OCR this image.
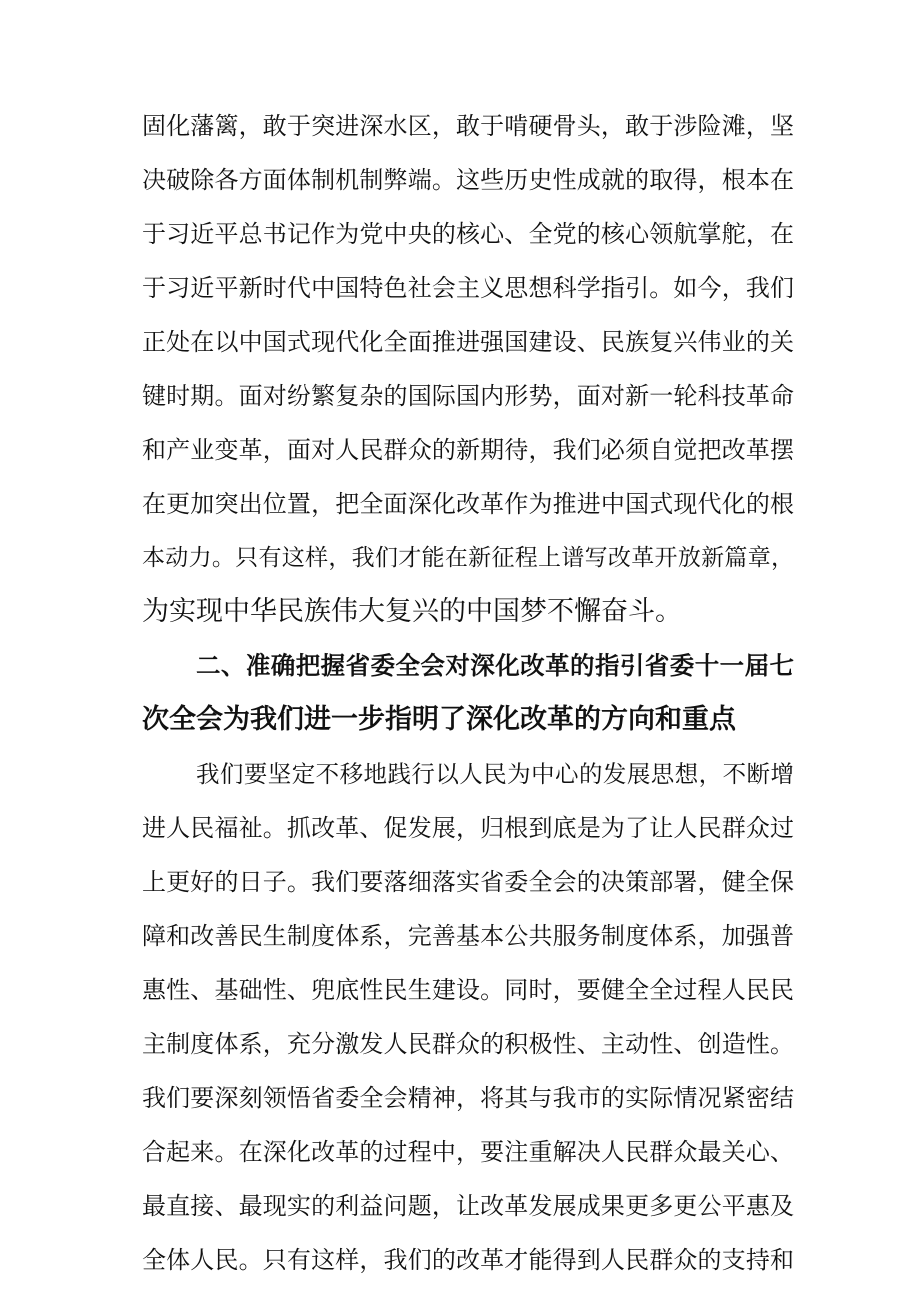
固化藩篱，敢于突进深水区，敢于啃硬骨头，敢于涉险滩，坚
决破除各方面体制机制弊端。这些历史性成就的取得，根本在
于习近平总书记作为党中央的核心、全党的核心领航掌舵，在
于习近平新时代中国特色社会主义思想科学指引。如今，我们
正处在以中国式现代化全面推进强国建设、民族复兴伟业的关
键时期。面对纷繁复杂的国际国内形势，面对新一轮科技革命
和产业变革，面对人民群众的新期待，我们必须自觉把改革摆
在更加突出位置，把全面深化改革作为推进中国式现代化的根
本动力。只有这样，我们才能在新征程上谱写改革开放新篇章，
为实现中华民族伟大复兴的中国梦不懈奋斗。
二、准确把握省委全会对深化改革的指引省委十一届七
次全会为我们进一步指明了深化改革的方向和重点
我们要坚定不移地践行以人民为中心的发展思想，不断增
进人民福祉。抓改革、促发展，归根到底是为了让人民群众过
上更好的日子。我们要落细落实省委全会的决策部署，健全保
障和改善民生制度体系，完善基本公共服务制度体系，加强普
惠性、基础性、兜底性民生建设。同时，要健全全过程人民民
主制度体系，充分激发人民群众的积极性、主动性、创造性。
我们要深刻领悟省委全会精神，将其与我市的实际情况紧密结
合起来。在深化改革的过程中，要注重解决人民群众最关心、
最直接、最现实的利益问题，让改革发展成果更多更公平惠及
全体人民。只有这样，我们的改革才能得到人民群众的支持和
